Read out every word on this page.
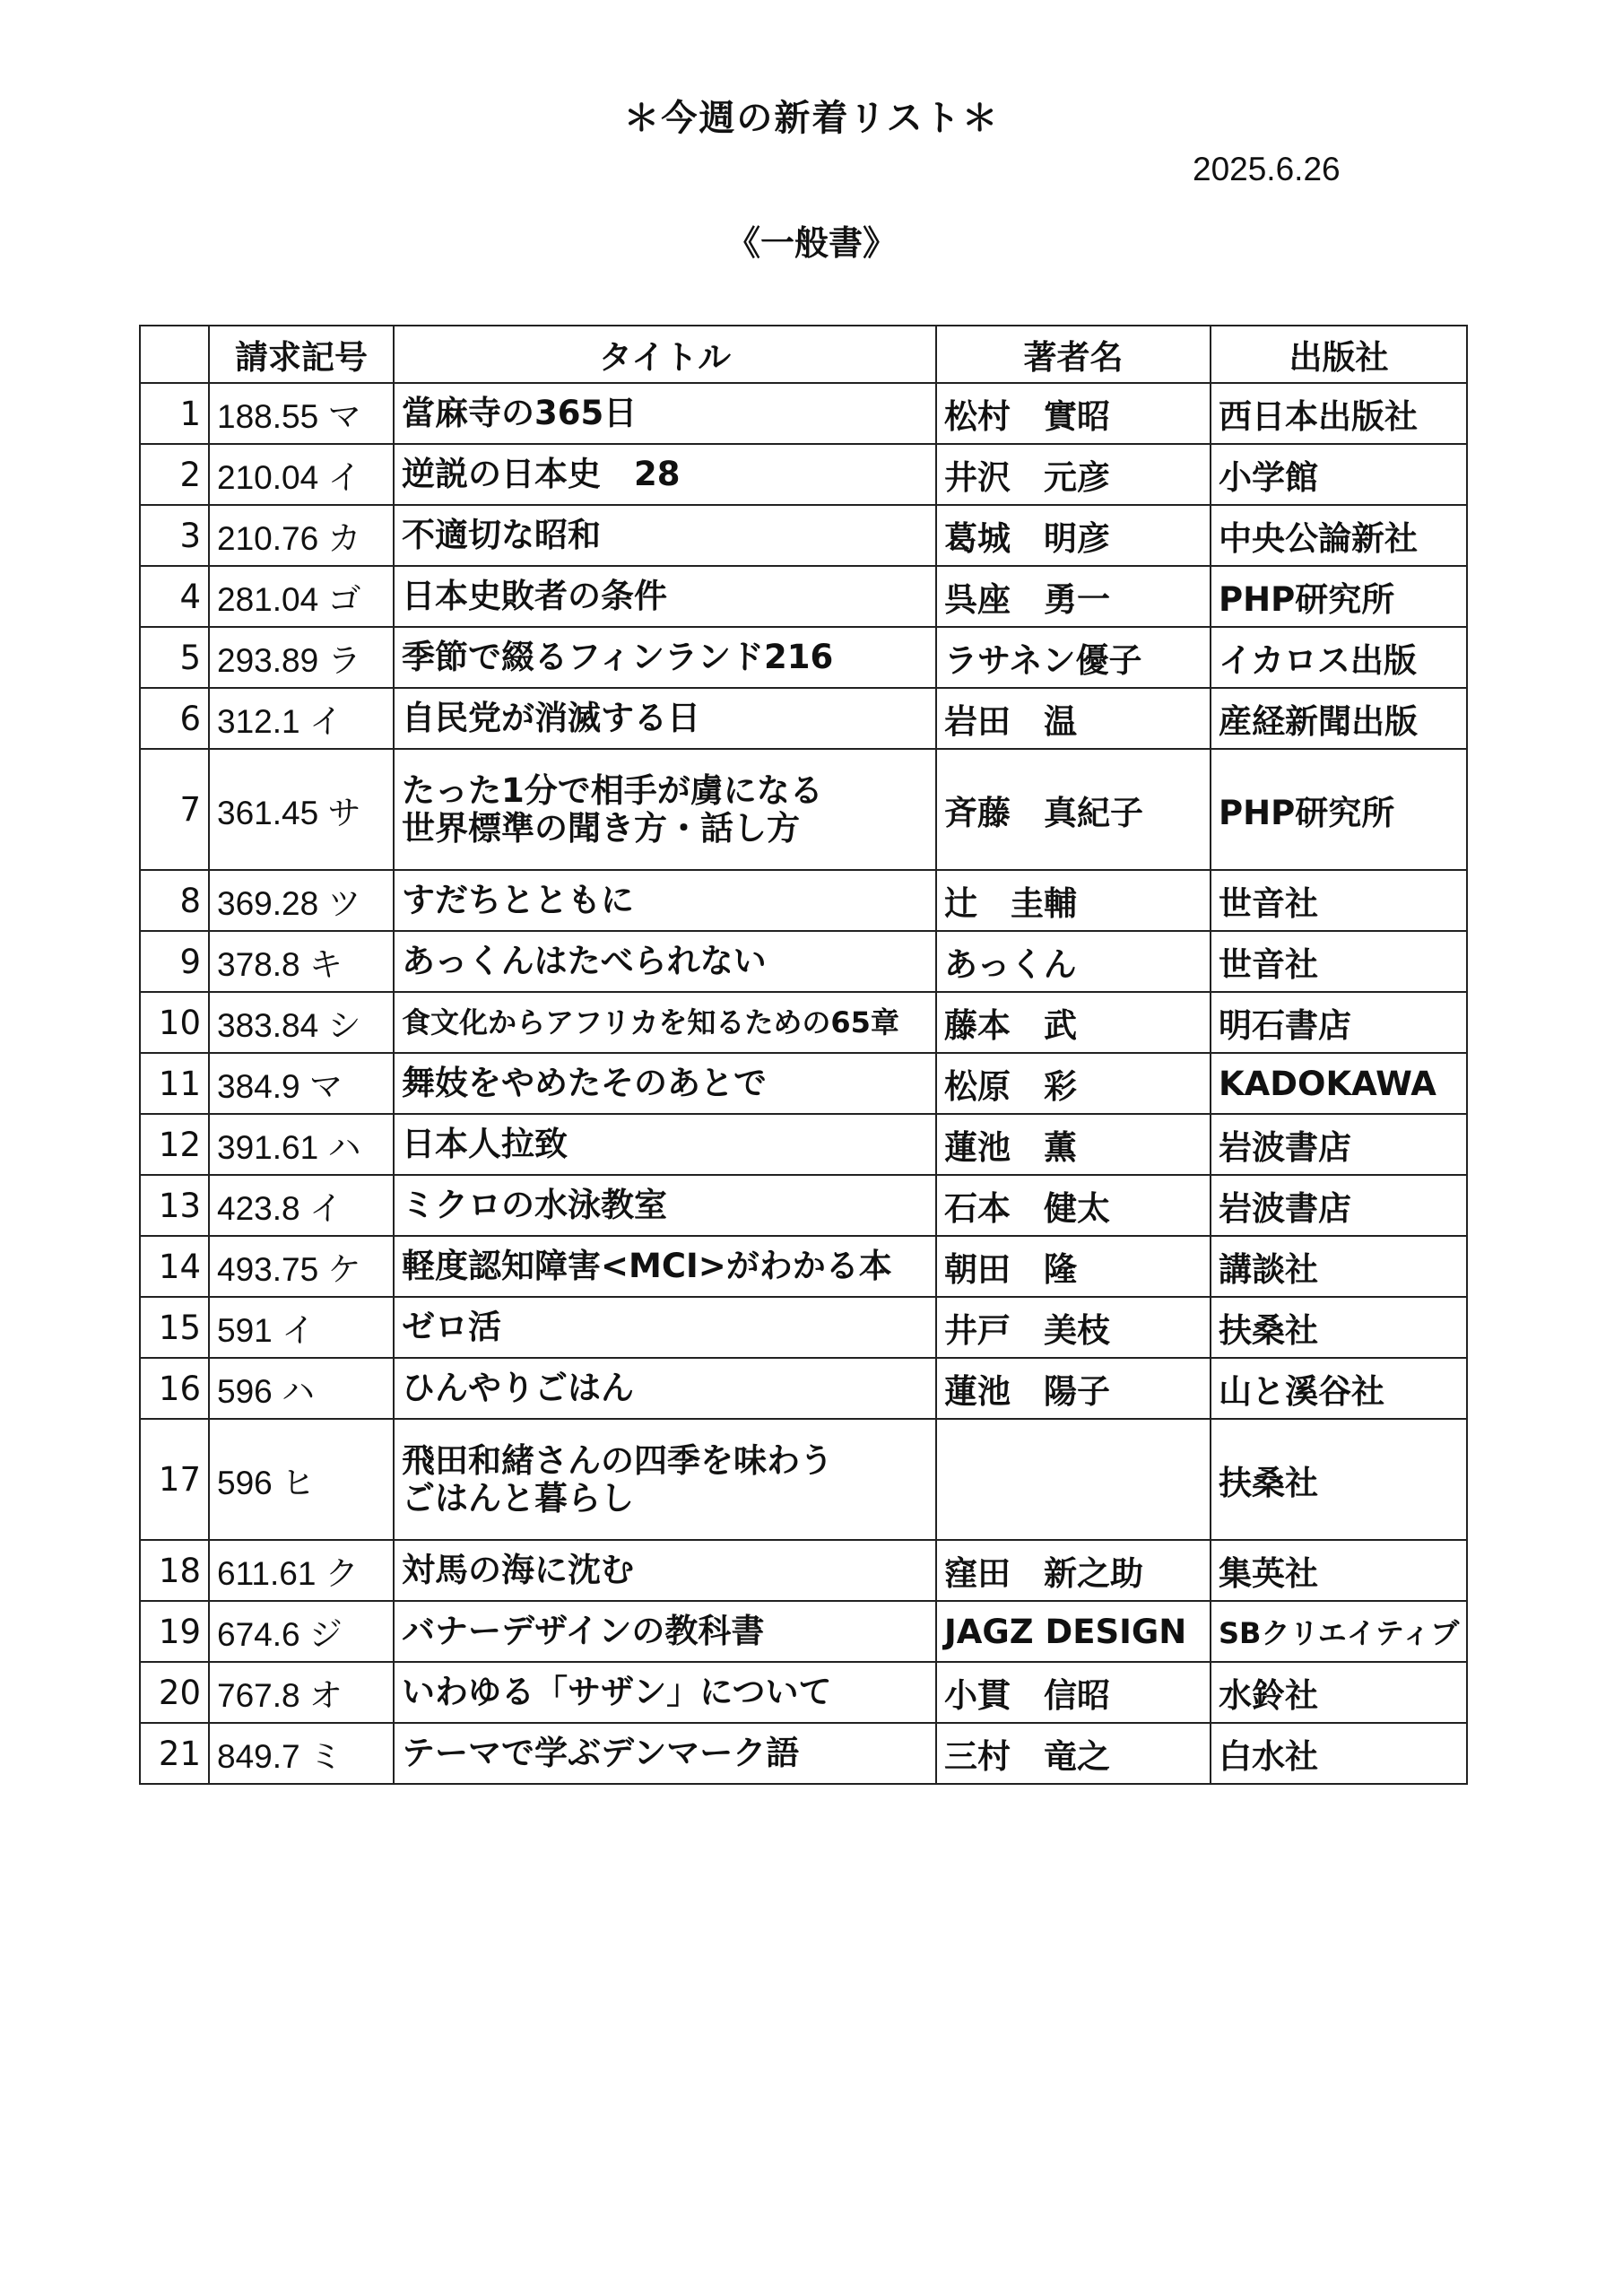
＊今週の新着リスト＊
2025.6.26
《一般書》
	請求記号	タイトル	著者名	出版社
1	188.55 マ	當麻寺の365日	松村　實昭	西日本出版社
2	210.04 イ	逆説の日本史　28	井沢　元彦	小学館
3	210.76 カ	不適切な昭和	葛城　明彦	中央公論新社
4	281.04 ゴ	日本史敗者の条件	呉座　勇一	PHP研究所
5	293.89 ラ	季節で綴るフィンランド216	ラサネン優子	イカロス出版
6	312.1 イ	自民党が消滅する日	岩田　温	産経新聞出版
7	361.45 サ	たった1分で相手が虜になる
世界標準の聞き方・話し方	斉藤　真紀子	PHP研究所
8	369.28 ツ	すだちとともに	辻　圭輔	世音社
9	378.8 キ	あっくんはたべられない	あっくん	世音社
10	383.84 シ	食文化からアフリカを知るための65章	藤本　武	明石書店
11	384.9 マ	舞妓をやめたそのあとで	松原　彩	KADOKAWA
12	391.61 ハ	日本人拉致	蓮池　薫	岩波書店
13	423.8 イ	ミクロの水泳教室	石本　健太	岩波書店
14	493.75 ケ	軽度認知障害<MCI>がわかる本	朝田　隆	講談社
15	591 イ	ゼロ活	井戸　美枝	扶桑社
16	596 ハ	ひんやりごはん	蓮池　陽子	山と溪谷社
17	596 ヒ	飛田和緒さんの四季を味わう
ごはんと暮らし		扶桑社
18	611.61 ク	対馬の海に沈む	窪田　新之助	集英社
19	674.6 ジ	バナーデザインの教科書	JAGZ DESIGN	SBクリエイティブ
20	767.8 オ	いわゆる「サザン」について	小貫　信昭	水鈴社
21	849.7 ミ	テーマで学ぶデンマーク語	三村　竜之	白水社
